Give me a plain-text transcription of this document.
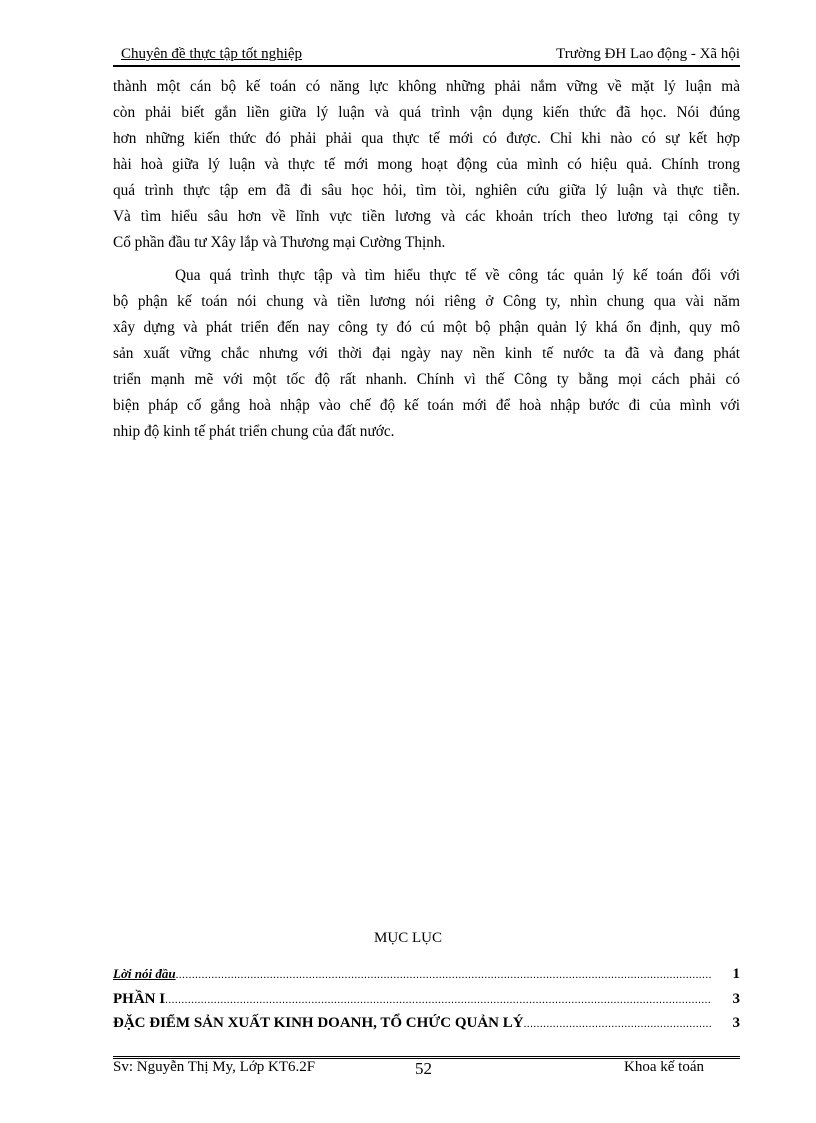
Chuyên đề thực tập tốt nghiệp	Trường ĐH Lao động - Xã hội
thành một cán bộ kế toán có năng lực không những phải nắm vững về mặt lý luận mà
còn phải biết gắn liền giữa lý luận và quá trình vận dụng kiến thức đã học. Nói đúng
hơn những kiến thức đó phải phải qua thực tế mới có được. Chỉ khi nào có sự kết hợp
hài hoà giữa lý luận và thực tế mới mong hoạt động của mình có hiệu quả. Chính trong
quá trình thực tập em đã đi sâu học hỏi, tìm tòi, nghiên cứu giữa lý luận và thực tiễn.
Và tìm hiểu sâu hơn về lĩnh vực tiền lương và các khoản trích theo lương tại công ty
Cổ phần đầu tư Xây lắp và Thương mại Cường Thịnh.
Qua quá trình thực tập và tìm hiểu thực tế về công tác quản lý kế toán đối với
bộ phận kế toán nói chung và tiền lương nói riêng ở Công ty, nhìn chung qua vài năm
xây dựng và phát triển đến nay công ty đó cú một bộ phận quản lý khá ổn định, quy mô
sản xuất vững chắc nhưng với thời đại ngày nay nền kinh tế nước ta đã và đang phát
triển mạnh mẽ với một tốc độ rất nhanh. Chính vì thế Công ty bằng mọi cách phải có
biện pháp cố gắng hoà nhập vào chế độ kế toán mới để hoà nhập bước đi của mình với
nhip độ kinh tế phát triển chung của đất nước.
MỤC LỤC
Lời nói đầu .....	1
PHẦN I .....	3
ĐẶC ĐIỂM SẢN XUẤT KINH DOANH, TỔ CHỨC QUẢN LÝ .....	3
Sv: Nguyễn Thị My, Lớp KT6.2F	52	Khoa kế toán
